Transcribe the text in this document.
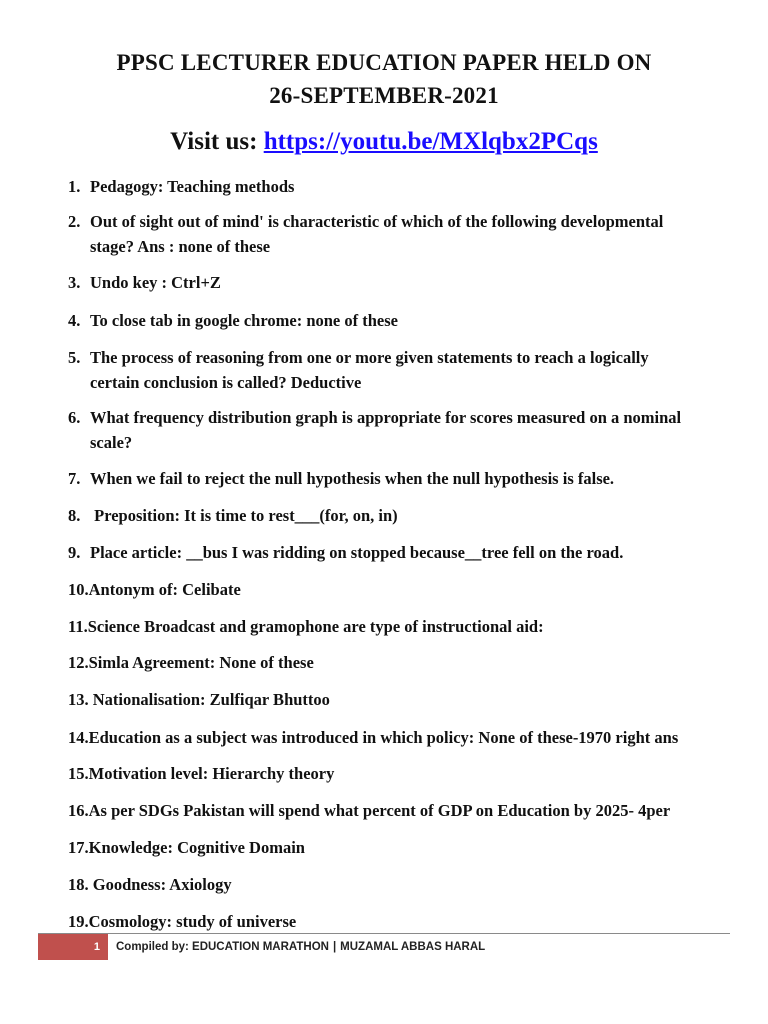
PPSC LECTURER EDUCATION PAPER HELD ON
26-SEPTEMBER-2021
Visit us: https://youtu.be/MXlqbx2PCqs
1. Pedagogy: Teaching methods
2. Out of sight out of mind' is characteristic of which of the following developmental
stage? Ans : none of these
3. Undo key : Ctrl+Z
4. To close tab in google chrome: none of these
5. The process of reasoning from one or more given statements to reach a logically
certain conclusion is called? Deductive
6. What frequency distribution graph is appropriate for scores measured on a nominal
scale?
7. When we fail to reject the null hypothesis when the null hypothesis is false.
8. Preposition: It is time to rest___(for, on, in)
9. Place article: __bus I was ridding on stopped because__tree fell on the road.
10.Antonym of: Celibate
11.Science Broadcast and gramophone are type of instructional aid:
12.Simla Agreement: None of these
13. Nationalisation: Zulfiqar Bhuttoo
14.Education as a subject was introduced in which policy: None of these-1970 right ans
15.Motivation level: Hierarchy theory
16.As per SDGs Pakistan will spend what percent of GDP on Education by 2025- 4per
17.Knowledge: Cognitive Domain
18. Goodness: Axiology
19.Cosmology: study of universe
1 Compiled by: EDUCATION MARATHON | MUZAMAL ABBAS HARAL
